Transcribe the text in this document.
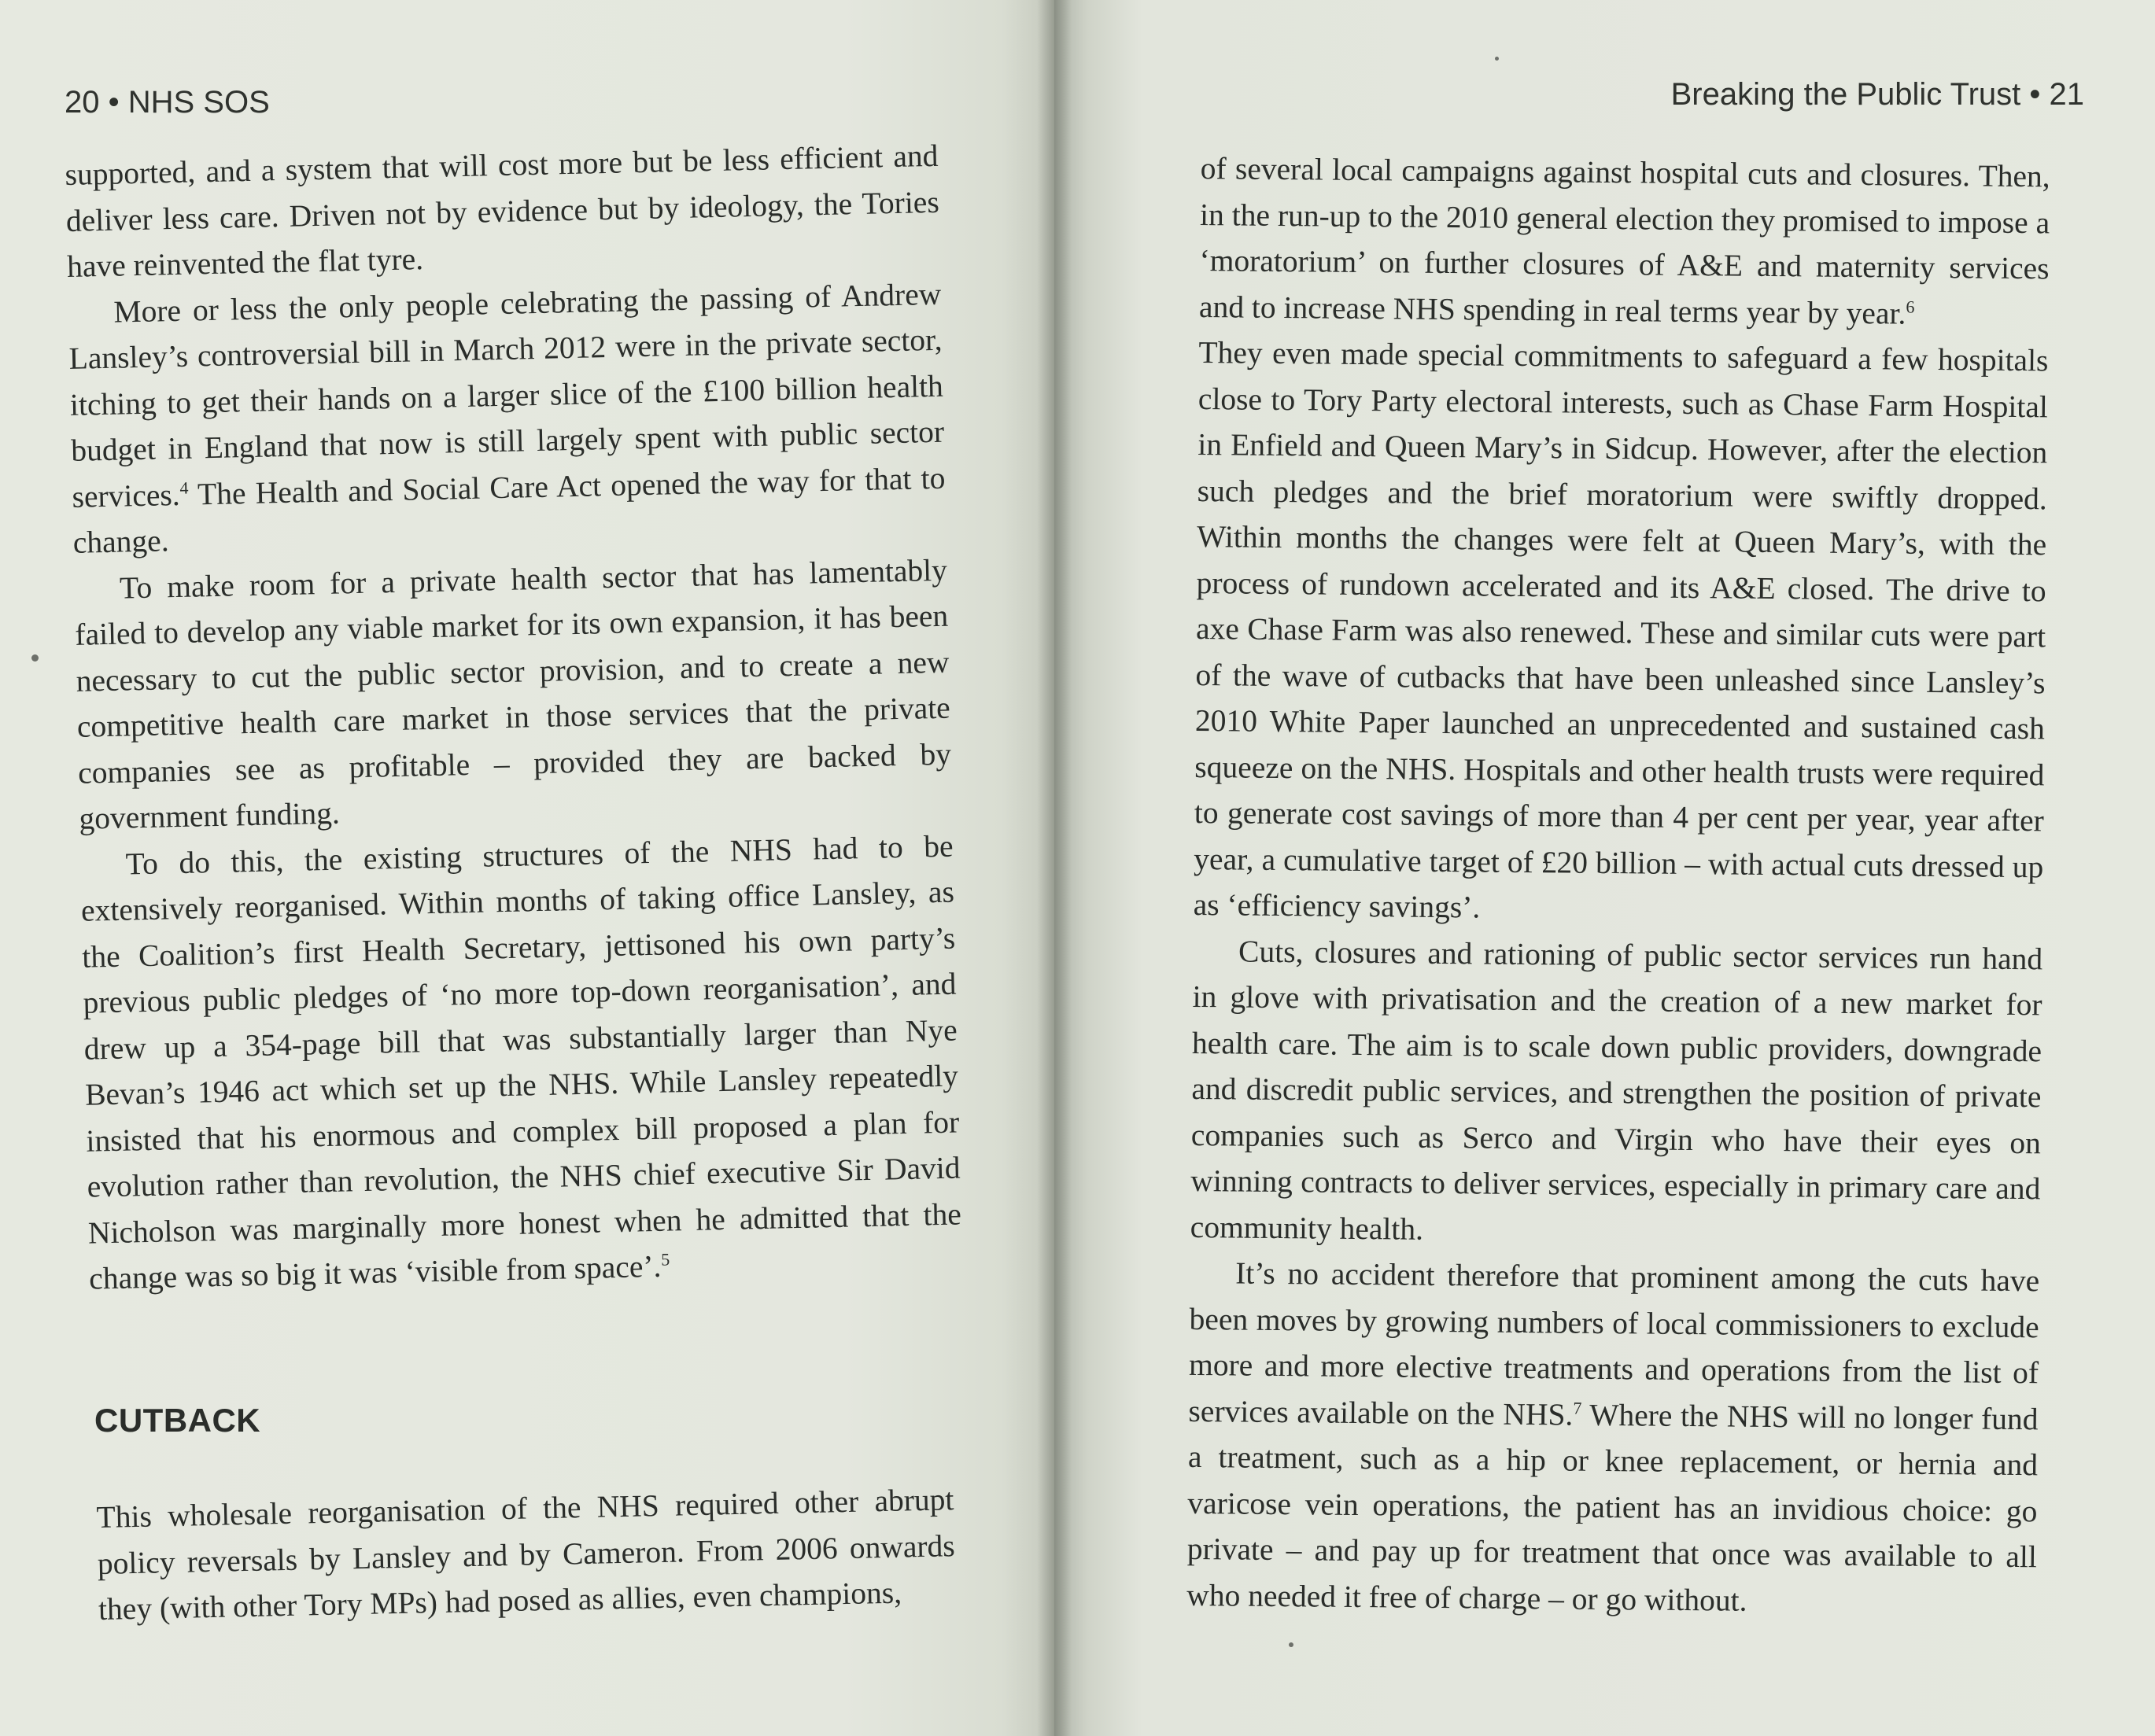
20 • NHS SOS

supported, and a system that will cost more but be less efficient and deliver less care. Driven not by evidence but by ideology, the Tories have reinvented the flat tyre.

More or less the only people celebrating the passing of Andrew Lansley’s controversial bill in March 2012 were in the private sector, itching to get their hands on a larger slice of the £100 billion health budget in England that now is still largely spent with public sector services.$^4$ The Health and Social Care Act opened the way for that to change.

To make room for a private health sector that has lamentably failed to develop any viable market for its own expansion, it has been necessary to cut the public sector provision, and to create a new competitive health care market in those services that the private companies see as profitable – provided they are backed by government funding.

To do this, the existing structures of the NHS had to be extensively reorganised. Within months of taking office Lansley, as the Coalition’s first Health Secretary, jettisoned his own party’s previous public pledges of ‘no more top-down reorganisation’, and drew up a 354-page bill that was substantially larger than Nye Bevan’s 1946 act which set up the NHS. While Lansley repeatedly insisted that his enormous and complex bill proposed a plan for evolution rather than revolution, the NHS chief executive Sir David Nicholson was marginally more honest when he admitted that the change was so big it was ‘visible from space’.$^5$

CUTBACK

This wholesale reorganisation of the NHS required other abrupt policy reversals by Lansley and by Cameron. From 2006 onwards they (with other Tory MPs) had posed as allies, even champions,

Breaking the Public Trust • 21

of several local campaigns against hospital cuts and closures. Then, in the run-up to the 2010 general election they promised to impose a ‘moratorium’ on further closures of A&E and maternity services and to increase NHS spending in real terms year by year.$^6$

They even made special commitments to safeguard a few hospitals close to Tory Party electoral interests, such as Chase Farm Hospital in Enfield and Queen Mary’s in Sidcup. However, after the election such pledges and the brief moratorium were swiftly dropped. Within months the changes were felt at Queen Mary’s, with the process of rundown accelerated and its A&E closed. The drive to axe Chase Farm was also renewed. These and similar cuts were part of the wave of cutbacks that have been unleashed since Lansley’s 2010 White Paper launched an unprecedented and sustained cash squeeze on the NHS. Hospitals and other health trusts were required to generate cost savings of more than 4 per cent per year, year after year, a cumulative target of £20 billion – with actual cuts dressed up as ‘efficiency savings’.

Cuts, closures and rationing of public sector services run hand in glove with privatisation and the creation of a new market for health care. The aim is to scale down public providers, downgrade and discredit public services, and strengthen the position of private companies such as Serco and Virgin who have their eyes on winning contracts to deliver services, especially in primary care and community health.

It’s no accident therefore that prominent among the cuts have been moves by growing numbers of local commissioners to exclude more and more elective treatments and operations from the list of services available on the NHS.$^7$ Where the NHS will no longer fund a treatment, such as a hip or knee replacement, or hernia and varicose vein operations, the patient has an invidious choice: go private – and pay up for treatment that once was available to all who needed it free of charge – or go without.
